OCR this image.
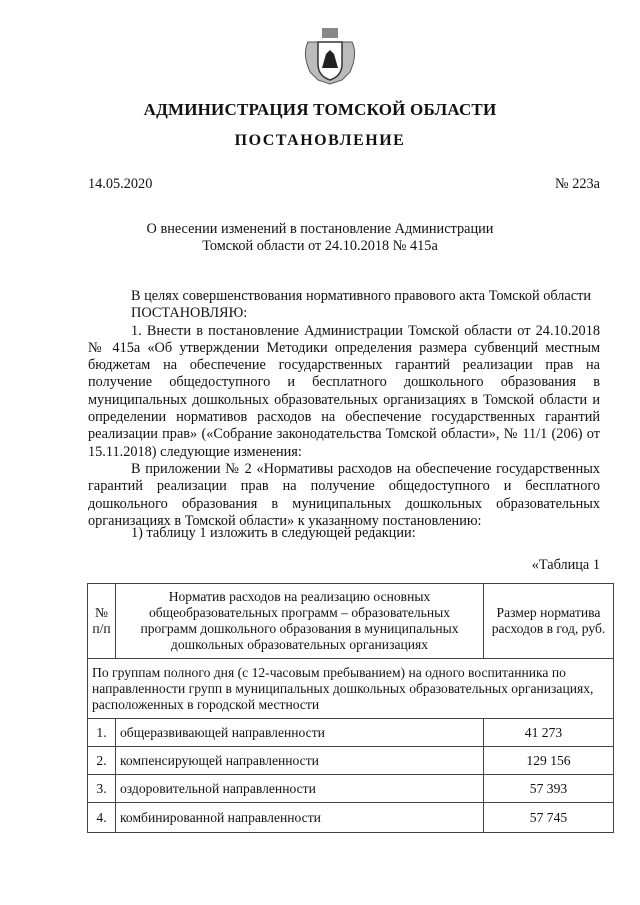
АДМИНИСТРАЦИЯ ТОМСКОЙ ОБЛАСТИ
ПОСТАНОВЛЕНИЕ
14.05.2020	№ 223а
О внесении изменений в постановление Администрации
Томской области от 24.10.2018 № 415а

В целях совершенствования нормативного правового акта Томской области

ПОСТАНОВЛЯЮ:

1. Внести в постановление Администрации Томской области от 24.10.2018 № 415а «Об утверждении Методики определения размера субвенций местным бюджетам на обеспечение государственных гарантий реализации прав на получение общедоступного и бесплатного дошкольного образования в муниципальных дошкольных образовательных организациях в Томской области и определении нормативов расходов на обеспечение государственных гарантий реализации прав» («Собрание законодательства Томской области», № 11/1 (206) от 15.11.2018) следующие изменения:

В приложении № 2 «Нормативы расходов на обеспечение государственных гарантий реализации прав на получение общедоступного и бесплатного дошкольного образования в муниципальных дошкольных образовательных организациях в Томской области» к указанному постановлению:

1) таблицу 1 изложить в следующей редакции:
«Таблица 1
№ п/п	Норматив расходов на реализацию основных общеобразовательных программ – образовательных программ дошкольного образования в муниципальных дошкольных образовательных организациях	Размер норматива расходов в год, руб.
По группам полного дня (с 12-часовым пребыванием) на одного воспитанника по направленности групп в муниципальных дошкольных образовательных организациях, расположенных в городской местности		
1.	общеразвивающей направленности	41 273
2.	компенсирующей направленности	129 156
3.	оздоровительной направленности	57 393
4.	комбинированной направленности	57 745
